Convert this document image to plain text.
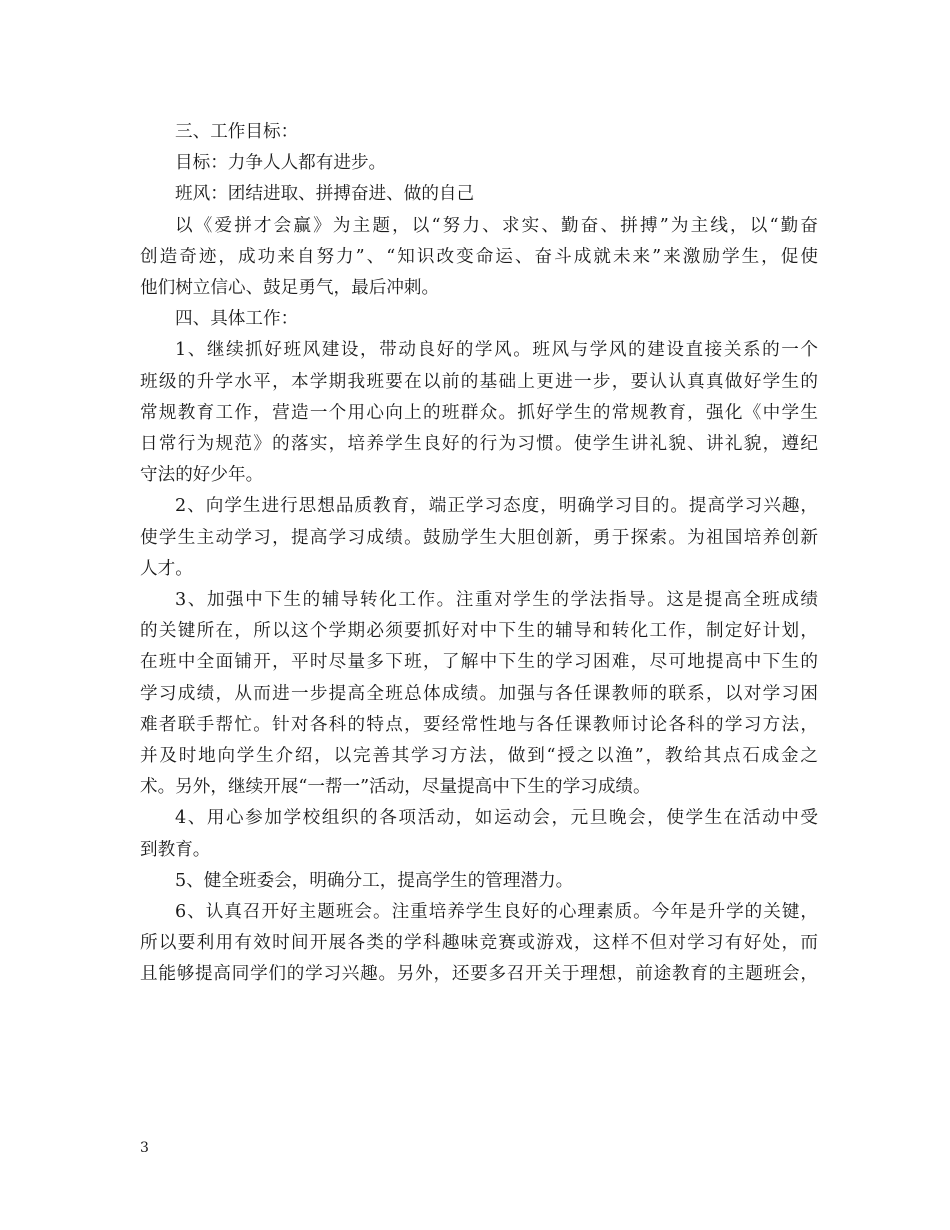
三、工作目标：
目标：力争人人都有进步。
班风：团结进取、拼搏奋进、做的自己
以《爱拼才会赢》为主题，以“努力、求实、勤奋、拼搏”为主线，以“勤奋
创造奇迹，成功来自努力”、“知识改变命运、奋斗成就未来”来激励学生，促使
他们树立信心、鼓足勇气，最后冲刺。
四、具体工作：
1、继续抓好班风建设，带动良好的学风。班风与学风的建设直接关系的一个
班级的升学水平，本学期我班要在以前的基础上更进一步，要认认真真做好学生的
常规教育工作，营造一个用心向上的班群众。抓好学生的常规教育，强化《中学生
日常行为规范》的落实，培养学生良好的行为习惯。使学生讲礼貌、讲礼貌，遵纪
守法的好少年。
2、向学生进行思想品质教育，端正学习态度，明确学习目的。提高学习兴趣，
使学生主动学习，提高学习成绩。鼓励学生大胆创新，勇于探索。为祖国培养创新
人才。
3、加强中下生的辅导转化工作。注重对学生的学法指导。这是提高全班成绩
的关键所在，所以这个学期必须要抓好对中下生的辅导和转化工作，制定好计划，
在班中全面铺开，平时尽量多下班，了解中下生的学习困难，尽可地提高中下生的
学习成绩，从而进一步提高全班总体成绩。加强与各任课教师的联系，以对学习困
难者联手帮忙。针对各科的特点，要经常性地与各任课教师讨论各科的学习方法，
并及时地向学生介绍，以完善其学习方法，做到“授之以渔”，教给其点石成金之
术。另外，继续开展“一帮一”活动，尽量提高中下生的学习成绩。
4、用心参加学校组织的各项活动，如运动会，元旦晚会，使学生在活动中受
到教育。
5、健全班委会，明确分工，提高学生的管理潜力。
6、认真召开好主题班会。注重培养学生良好的心理素质。今年是升学的关键，
所以要利用有效时间开展各类的学科趣味竞赛或游戏，这样不但对学习有好处，而
且能够提高同学们的学习兴趣。另外，还要多召开关于理想，前途教育的主题班会，
3
